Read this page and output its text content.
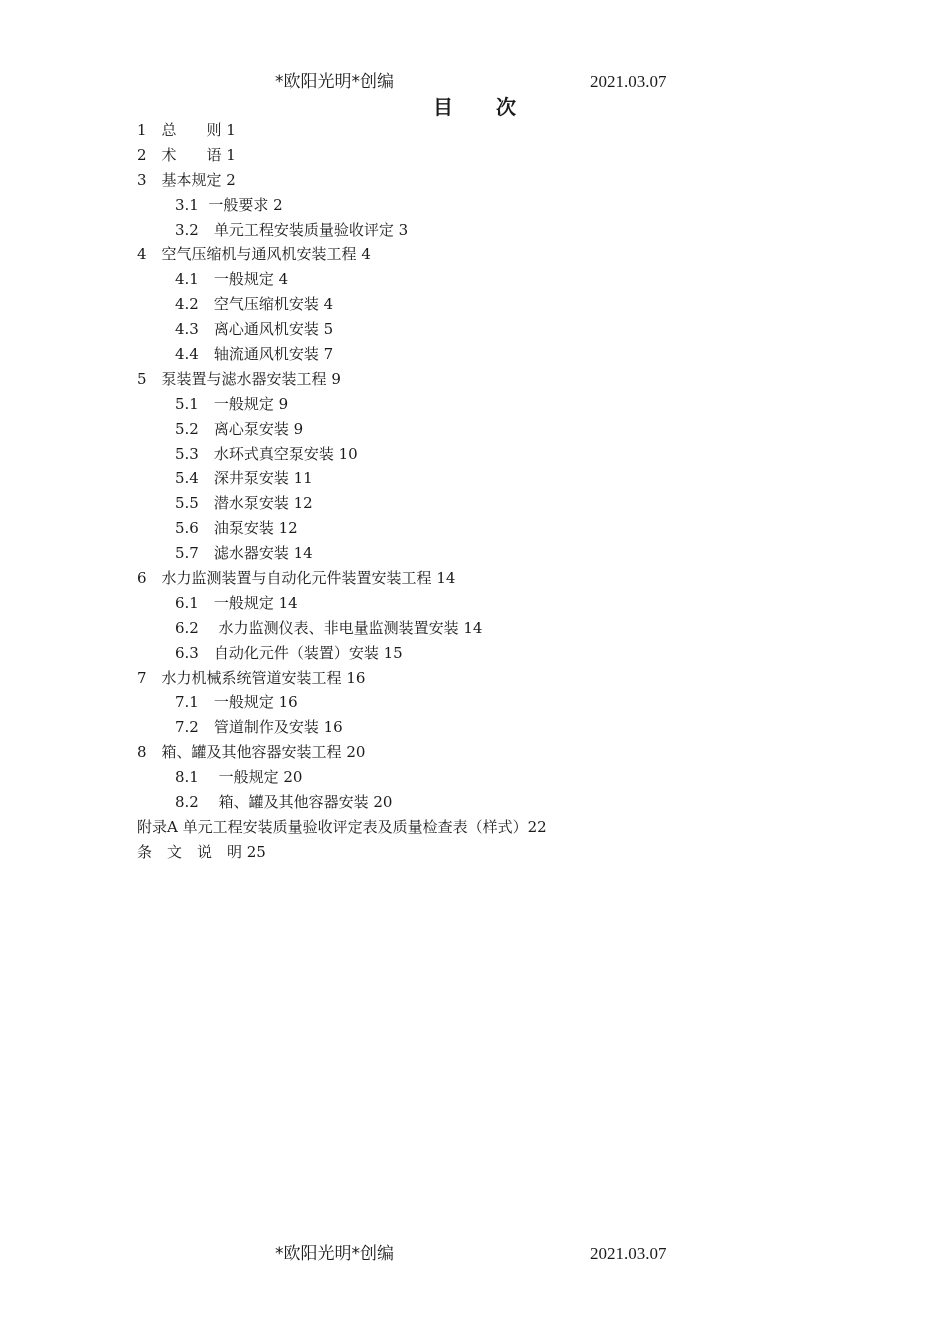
*欧阳光明*创编	2021.03.07
目　　次
1　总　　则 1
2　术　　语 1
3　基本规定 2
3.1  一般要求 2
3.2　单元工程安装质量验收评定 3
4　空气压缩机与通风机安装工程 4
4.1　一般规定 4
4.2　空气压缩机安装 4
4.3　离心通风机安装 5
4.4　轴流通风机安装 7
5　泵装置与滤水器安装工程 9
5.1　一般规定 9
5.2　离心泵安装 9
5.3　水环式真空泵安装 10
5.4　深井泵安装 11
5.5　潜水泵安装 12
5.6　油泵安装 12
5.7　滤水器安装 14
6　水力监测装置与自动化元件装置安装工程 14
6.1　一般规定 14
6.2　 水力监测仪表、非电量监测装置安装 14
6.3　自动化元件（装置）安装 15
7　水力机械系统管道安装工程 16
7.1　一般规定 16
7.2　管道制作及安装 16
8　箱、罐及其他容器安装工程 20
8.1　 一般规定 20
8.2　 箱、罐及其他容器安装 20
附录A 单元工程安装质量验收评定表及质量检查表（样式）22
条　文　说　明 25
*欧阳光明*创编	2021.03.07
